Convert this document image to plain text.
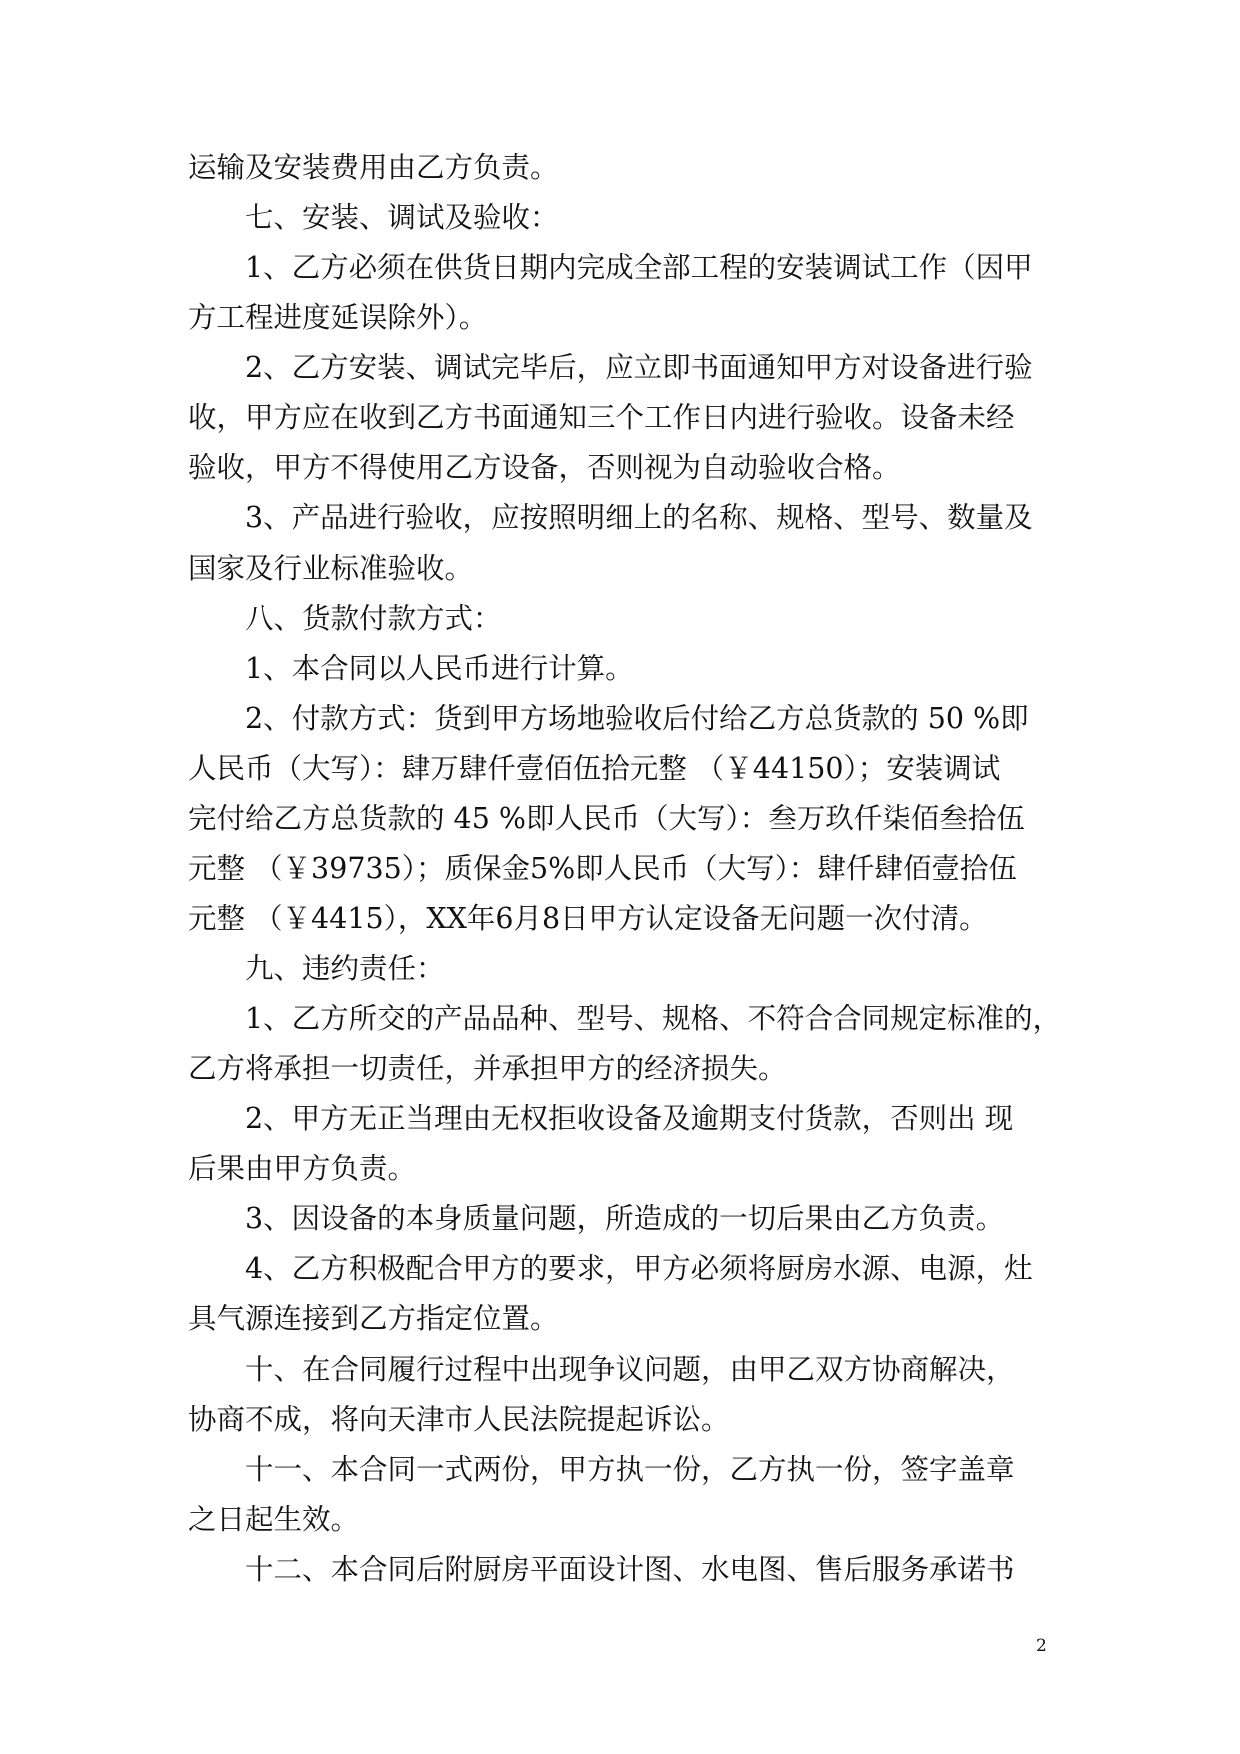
运输及安装费用由乙方负责。
七、安装、调试及验收：
1、乙方必须在供货日期内完成全部工程的安装调试工作（因甲
方工程进度延误除外）。
2、乙方安装、调试完毕后，应立即书面通知甲方对设备进行验
收，甲方应在收到乙方书面通知三个工作日内进行验收。设备未经
验收，甲方不得使用乙方设备，否则视为自动验收合格。
3、产品进行验收，应按照明细上的名称、规格、型号、数量及
国家及行业标准验收。
八、货款付款方式：
1、本合同以人民币进行计算。
2、付款方式：货到甲方场地验收后付给乙方总货款的 50 %即
人民币（大写）：肆万肆仟壹佰伍拾元整 （￥44150）；安装调试
完付给乙方总货款的 45 %即人民币（大写）：叁万玖仟柒佰叁拾伍
元整 （￥39735）；质保金5%即人民币（大写）：肆仟肆佰壹拾伍
元整 （￥4415），XX年6月8日甲方认定设备无问题一次付清。
九、违约责任：
1、乙方所交的产品品种、型号、规格、不符合合同规定标准的，
乙方将承担一切责任，并承担甲方的经济损失。
2、甲方无正当理由无权拒收设备及逾期支付货款，否则出 现
后果由甲方负责。
3、因设备的本身质量问题，所造成的一切后果由乙方负责。
4、乙方积极配合甲方的要求，甲方必须将厨房水源、电源，灶
具气源连接到乙方指定位置。
十、在合同履行过程中出现争议问题，由甲乙双方协商解决，
协商不成，将向天津市人民法院提起诉讼。
十一、本合同一式两份，甲方执一份，乙方执一份，签字盖章
之日起生效。
十二、本合同后附厨房平面设计图、水电图、售后服务承诺书
2
